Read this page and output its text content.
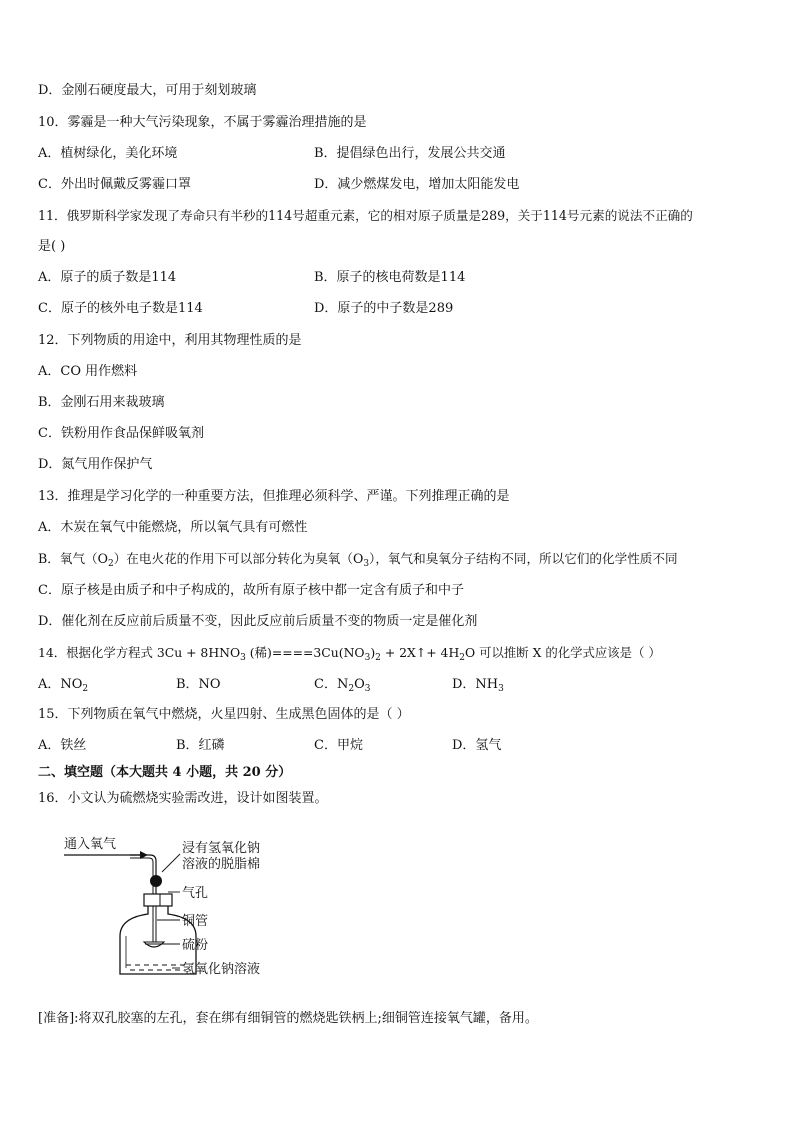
D．金刚石硬度最大，可用于刻划玻璃
10．雾霾是一种大气污染现象，不属于雾霾治理措施的是
A．植树绿化，美化环境	B．提倡绿色出行，发展公共交通
C．外出时佩戴反雾霾口罩	D．减少燃煤发电，增加太阳能发电
11．俄罗斯科学家发现了寿命只有半秒的114号超重元素，它的相对原子质量是289，关于114号元素的说法不正确的
是( )
A．原子的质子数是114	B．原子的核电荷数是114
C．原子的核外电子数是114	D．原子的中子数是289
12．下列物质的用途中，利用其物理性质的是
A．CO 用作燃料
B．金刚石用来裁玻璃
C．铁粉用作食品保鲜吸氧剂
D．氮气用作保护气
13．推理是学习化学的一种重要方法，但推理必须科学、严谨。下列推理正确的是
A．木炭在氧气中能燃烧，所以氧气具有可燃性
B．氧气$(O_2)$在电火花的作用下可以部分转化为臭氧$(O_3)$，氧气和臭氧分子结构不同，所以它们的化学性质不同
C．原子核是由质子和中子构成的，故所有原子核中都一定含有质子和中子
D．催化剂在反应前后质量不变，因此反应前后质量不变的物质一定是催化剂
14．根据化学方程式 $3Cu + 8HNO_3$ (稀)$====3Cu(NO_3)_2$ + 2X↑+ $4H_2O$ 可以推断 X 的化学式应该是（ ）
A．$NO_2$	B．NO	C．$N_2O_3$	D．$NH_3$
15．下列物质在氧气中燃烧，火星四射、生成黑色固体的是（ ）
A．铁丝	B．红磷	C．甲烷	D．氢气
二、填空题（本大题共 4 小题，共 20 分）
16．小文认为硫燃烧实验需改进，设计如图装置。
通入氧气	浸有氢氧化钠
溶液的脱脂棉
气孔
铜管
硫粉
氢氧化钠溶液
[准备]:将双孔胶塞的左孔，套在绑有细铜管的燃烧匙铁柄上;细铜管连接氧气罐，备用。
